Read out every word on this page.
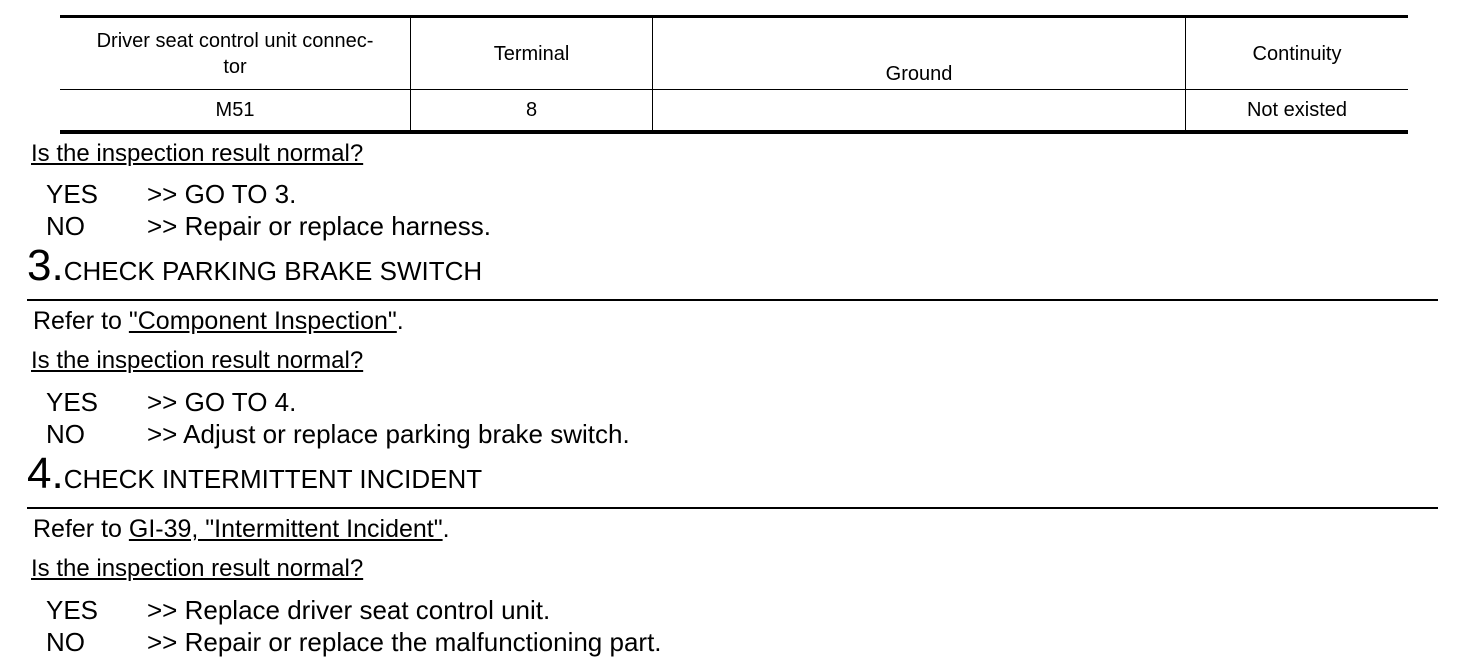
Driver seat control unit connec-
tor
Terminal
Ground
Continuity
M51	8	Not existed
Is the inspection result normal?
YES >> GO TO 3.
NO >> Repair or replace harness.
3.CHECK PARKING BRAKE SWITCH
Refer to "Component Inspection".
Is the inspection result normal?
YES >> GO TO 4.
NO >> Adjust or replace parking brake switch.
4.CHECK INTERMITTENT INCIDENT
Refer to GI-39, "Intermittent Incident".
Is the inspection result normal?
YES >> Replace driver seat control unit.
NO >> Repair or replace the malfunctioning part.
